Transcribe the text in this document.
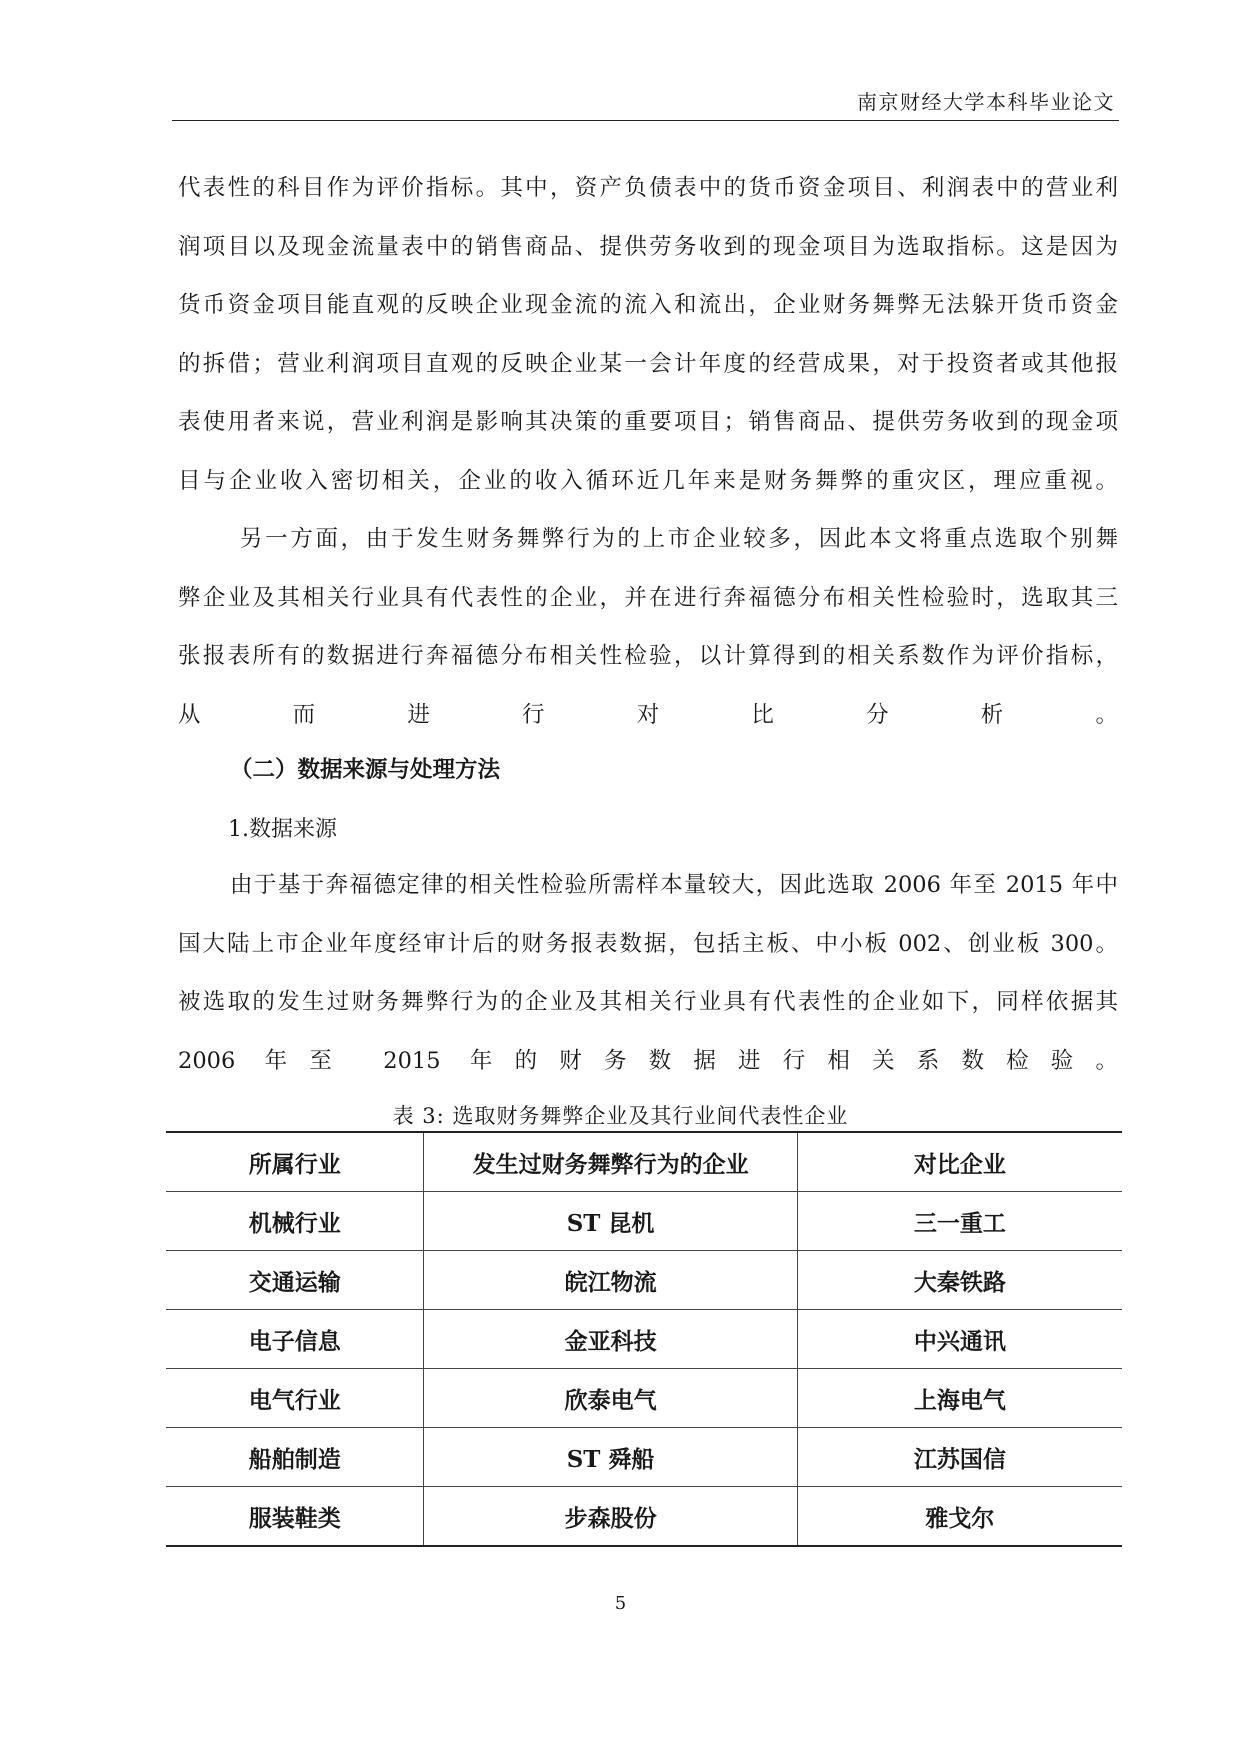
南京财经大学本科毕业论文
代表性的科目作为评价指标。其中，资产负债表中的货币资金项目、利润表中的营业利
润项目以及现金流量表中的销售商品、提供劳务收到的现金项目为选取指标。这是因为
货币资金项目能直观的反映企业现金流的流入和流出，企业财务舞弊无法躲开货币资金
的拆借；营业利润项目直观的反映企业某一会计年度的经营成果，对于投资者或其他报
表使用者来说，营业利润是影响其决策的重要项目；销售商品、提供劳务收到的现金项
目与企业收入密切相关，企业的收入循环近几年来是财务舞弊的重灾区，理应重视。
另一方面，由于发生财务舞弊行为的上市企业较多，因此本文将重点选取个别舞
弊企业及其相关行业具有代表性的企业，并在进行奔福德分布相关性检验时，选取其三
张报表所有的数据进行奔福德分布相关性检验，以计算得到的相关系数作为评价指标，
从而进行对比分析。

（二）数据来源与处理方法

1.数据来源

由于基于奔福德定律的相关性检验所需样本量较大，因此选取 2006 年至 2015 年中
国大陆上市企业年度经审计后的财务报表数据，包括主板、中小板 002、创业板 300。
被选取的发生过财务舞弊行为的企业及其相关行业具有代表性的企业如下，同样依据其
2006 年至 2015 年的财务数据进行相关系数检验。
表 3: 选取财务舞弊企业及其行业间代表性企业
所属行业	发生过财务舞弊行为的企业	对比企业
机械行业	ST 昆机	三一重工
交通运输	皖江物流	大秦铁路
电子信息	金亚科技	中兴通讯
电气行业	欣泰电气	上海电气
船舶制造	ST 舜船	江苏国信
服装鞋类	步森股份	雅戈尔
5
